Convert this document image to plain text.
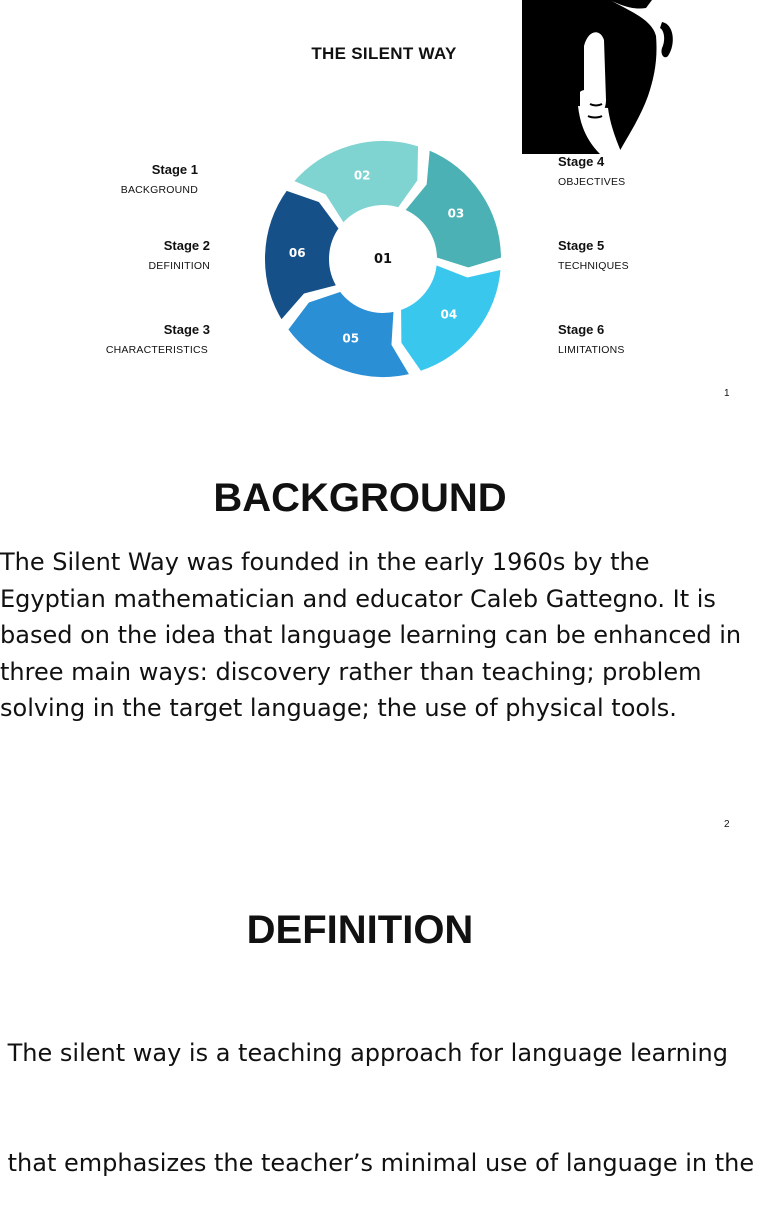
THE SILENT WAY
Stage 1
BACKGROUND
Stage 2
DEFINITION
Stage 3
CHARACTERISTICS
Stage 4
OBJECTIVES
Stage 5
TECHNIQUES
Stage 6
LIMITATIONS
02
03
04
05
06	01
1
BACKGROUND
The Silent Way was founded in the early 1960s by the
Egyptian mathematician and educator Caleb Gattegno. It is
based on the idea that language learning can be enhanced in
three main ways: discovery rather than teaching; problem
solving in the target language; the use of physical tools.
2
DEFINITION

The silent way is a teaching approach for language learning

that emphasizes the teacher’s minimal use of language in the
